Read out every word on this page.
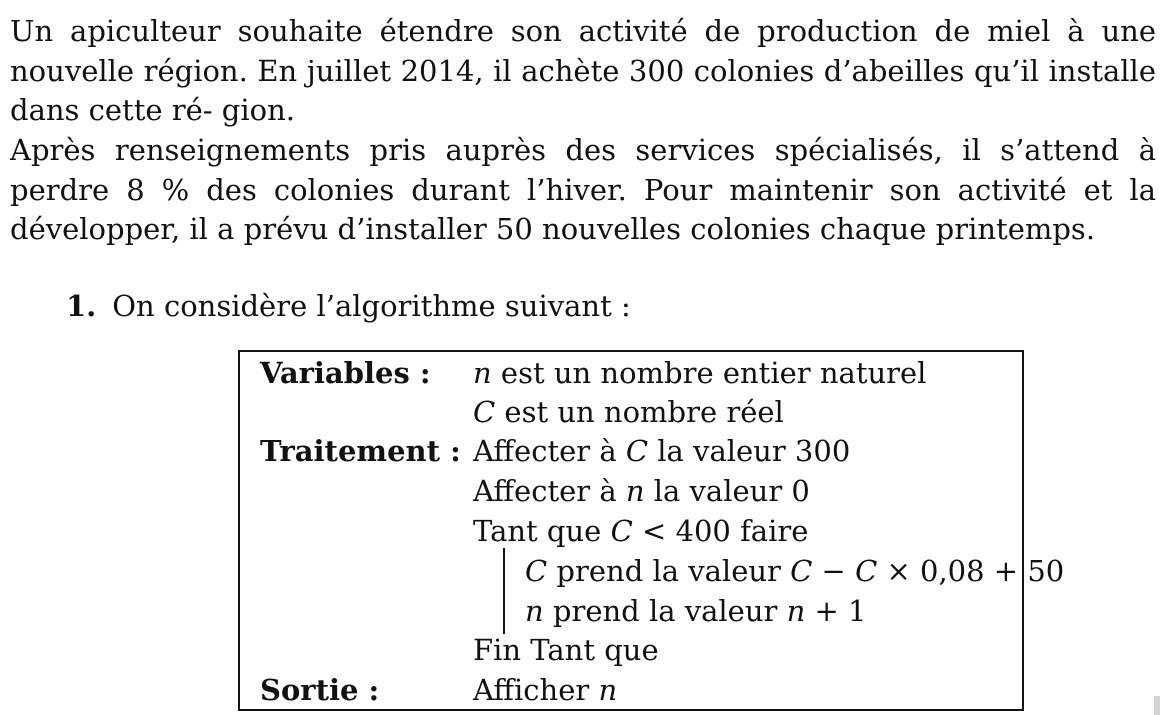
Un apiculteur souhaite étendre son activité de production de miel à une nouvelle région. En juillet 2014, il achète 300 colonies d’abeilles qu’il installe dans cette ré- gion.

Après renseignements pris auprès des services spécialisés, il s’attend à perdre 8 % des colonies durant l’hiver. Pour maintenir son activité et la développer, il a prévu d’installer 50 nouvelles colonies chaque printemps.

1. On considère l’algorithme suivant :
Variables : n est un nombre entier naturel
C est un nombre réel
Traitement : Affecter à C la valeur 300
Affecter à n la valeur 0
Tant que C < 400 faire
C prend la valeur C − C × 0,08 + 50
n prend la valeur n + 1
Fin Tant que
Sortie :	Afficher n
